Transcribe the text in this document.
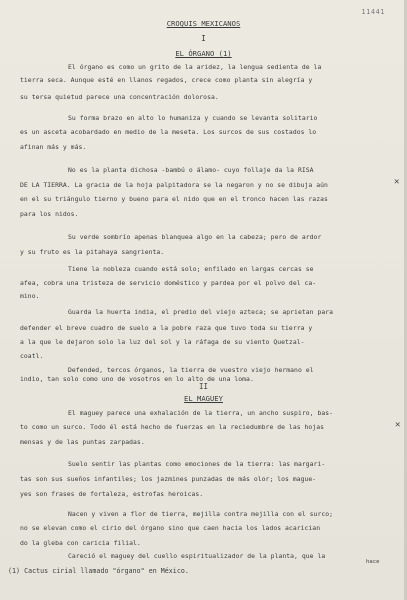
11441
CROQUIS MEXICANOS
I
EL ÓRGANO (1)
El órgano es como un grito de la aridez, la lengua sedienta de la
tierra seca. Aunque esté en llanos regados, crece como planta sin alegría y
su tersa quietud parece una concentración dolorosa.
Su forma brazo en alto lo humaniza y cuando se levanta solitario
es un asceta acobardado en medio de la meseta. Los surcos de sus costados lo
afinan más y más.
No es la planta dichosa -bambú o álamo- cuyo follaje da la RISA
DE LA TIERRA. La gracia de la hoja palpitadora se la negaron y no se dibuja aún
en el su triángulo tierno y bueno para el nido que en el tronco hacen las razas
para los nidos.
Su verde sombrío apenas blanquea algo en la cabeza; pero de ardor
y su fruto es la pitahaya sangrienta.
Tiene la nobleza cuando está solo; enfilado en largas cercas se
afea, cobra una tristeza de servicio doméstico y pardea por el polvo del ca-
mino.
Guarda la huerta india, el predio del viejo azteca; se aprietan para
defender el breve cuadro de suelo a la pobre raza que tuvo toda su tierra y
a la que le dejaron solo la luz del sol y la ráfaga de su viento Quetzal-
coatl.
Defended, tercos órganos, la tierra de vuestro viejo hermano el
indio, tan solo como uno de vosotros en lo alto de una loma.
II
EL MAGUEY
El maguey parece una exhalación de la tierra, un ancho suspiro, bas-
to como un surco. Todo él está hecho de fuerzas en la reciedumbre de las hojas
mensas y de las puntas zarpadas.
Suelo sentir las plantas como emociones de la tierra: las margari-
tas son sus sueños infantiles; los jazmines punzadas de más olor; los mague-
yes son frases de fortaleza, estrofas heroicas.
Nacen y viven a flor de tierra, mejilla contra mejilla con el surco;
no se elevan como el cirio del órgano sino que caen hacia los lados acarician
do la gleba con caricia filial.
Careció el maguey del cuello espiritualizador de la planta, que la
hace
✕
✕
(1) Cactus cirial llamado "órgano" en México.
